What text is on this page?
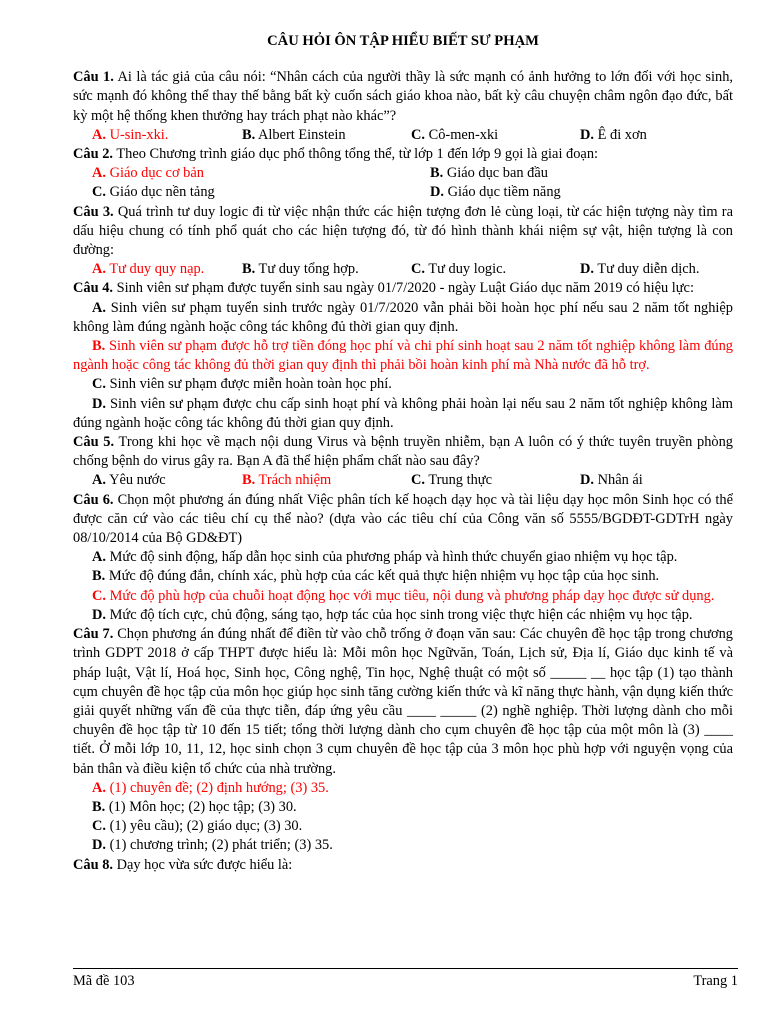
CÂU HỎI ÔN TẬP HIỂU BIẾT SƯ PHẠM

Câu 1. Ai là tác giả của câu nói: “Nhân cách của người thầy là sức mạnh có ảnh hưởng to lớn đối với học sinh, sức mạnh đó không thể thay thế bằng bất kỳ cuốn sách giáo khoa nào, bất kỳ câu chuyện châm ngôn đạo đức, bất kỳ một hệ thống khen thưởng hay trách phạt nào khác”?

A. U-sin-xki.	B. Albert Einstein	C. Cô-men-xki	D. Ê đi xơn

Câu 2. Theo Chương trình giáo dục phổ thông tổng thể, từ lớp 1 đến lớp 9 gọi là giai đoạn:

A. Giáo dục cơ bản	B. Giáo dục ban đầu
C. Giáo dục nền tảng	D. Giáo dục tiềm năng

Câu 3. Quá trình tư duy logic đi từ việc nhận thức các hiện tượng đơn lẻ cùng loại, từ các hiện tượng này tìm ra dấu hiệu chung có tính phổ quát cho các hiện tượng đó, từ đó hình thành khái niệm sự vật, hiện tượng là con đường:

A. Tư duy quy nạp.	B. Tư duy tổng hợp.	C. Tư duy logic.	D. Tư duy diễn dịch.

Câu 4. Sinh viên sư phạm được tuyển sinh sau ngày 01/7/2020 - ngày Luật Giáo dục năm 2019 có hiệu lực:

A. Sinh viên sư phạm tuyển sinh trước ngày 01/7/2020 vẫn phải bồi hoàn học phí nếu sau 2 năm tốt nghiệp không làm đúng ngành hoặc công tác không đủ thời gian quy định.

B. Sinh viên sư phạm được hỗ trợ tiền đóng học phí và chi phí sinh hoạt sau 2 năm tốt nghiệp không làm đúng ngành hoặc công tác không đủ thời gian quy định thì phải bồi hoàn kinh phí mà Nhà nước đã hỗ trợ.

C. Sinh viên sư phạm được miễn hoàn toàn học phí.

D. Sinh viên sư phạm được chu cấp sinh hoạt phí và không phải hoàn lại nếu sau 2 năm tốt nghiệp không làm đúng ngành hoặc công tác không đủ thời gian quy định.

Câu 5. Trong khi học về mạch nội dung Virus và bệnh truyền nhiễm, bạn A luôn có ý thức tuyên truyền phòng chống bệnh do virus gây ra. Bạn A đã thể hiện phẩm chất nào sau đây?

A. Yêu nước	B. Trách nhiệm	C. Trung thực	D. Nhân ái

Câu 6. Chọn một phương án đúng nhất Việc phân tích kế hoạch dạy học và tài liệu dạy học môn Sinh học có thể được căn cứ vào các tiêu chí cụ thể nào? (dựa vào các tiêu chí của Công văn số 5555/BGDĐT-GDTrH ngày 08/10/2014 của Bộ GD&ĐT)

A. Mức độ sinh động, hấp dẫn học sinh của phương pháp và hình thức chuyển giao nhiệm vụ học tập.

B. Mức độ đúng đắn, chính xác, phù hợp của các kết quả thực hiện nhiệm vụ học tập của học sinh.

C. Mức độ phù hợp của chuỗi hoạt động học với mục tiêu, nội dung và phương pháp dạy học được sử dụng.

D. Mức độ tích cực, chủ động, sáng tạo, hợp tác của học sinh trong việc thực hiện các nhiệm vụ học tập.

Câu 7. Chọn phương án đúng nhất để điền từ vào chỗ trống ở đoạn văn sau: Các chuyên đề học tập trong chương trình GDPT 2018 ở cấp THPT được hiểu là: Mỗi môn học Ngữvăn, Toán, Lịch sử, Địa lí, Giáo dục kinh tế và pháp luật, Vật lí, Hoá học, Sinh học, Công nghệ, Tin học, Nghệ thuật có một số _____ __ học tập (1) tạo thành cụm chuyên đề học tập của môn học giúp học sinh tăng cường kiến thức và kĩ năng thực hành, vận dụng kiến thức giải quyết những vấn đề của thực tiễn, đáp ứng yêu cầu ____ _____ (2) nghề nghiệp. Thời lượng dành cho mỗi chuyên đề học tập từ 10 đến 15 tiết; tổng thời lượng dành cho cụm chuyên đề học tập của một môn là (3) ____ tiết. Ở mỗi lớp 10, 11, 12, học sinh chọn 3 cụm chuyên đề học tập của 3 môn học phù hợp với nguyện vọng của bản thân và điều kiện tổ chức của nhà trường.

A. (1) chuyên đề; (2) định hướng; (3) 35.

B. (1) Môn học; (2) học tập; (3) 30.

C. (1) yêu cầu); (2) giáo dục; (3) 30.

D. (1) chương trình; (2) phát triển; (3) 35.

Câu 8. Dạy học vừa sức được hiểu là:

Mã đề 103	Trang 1
